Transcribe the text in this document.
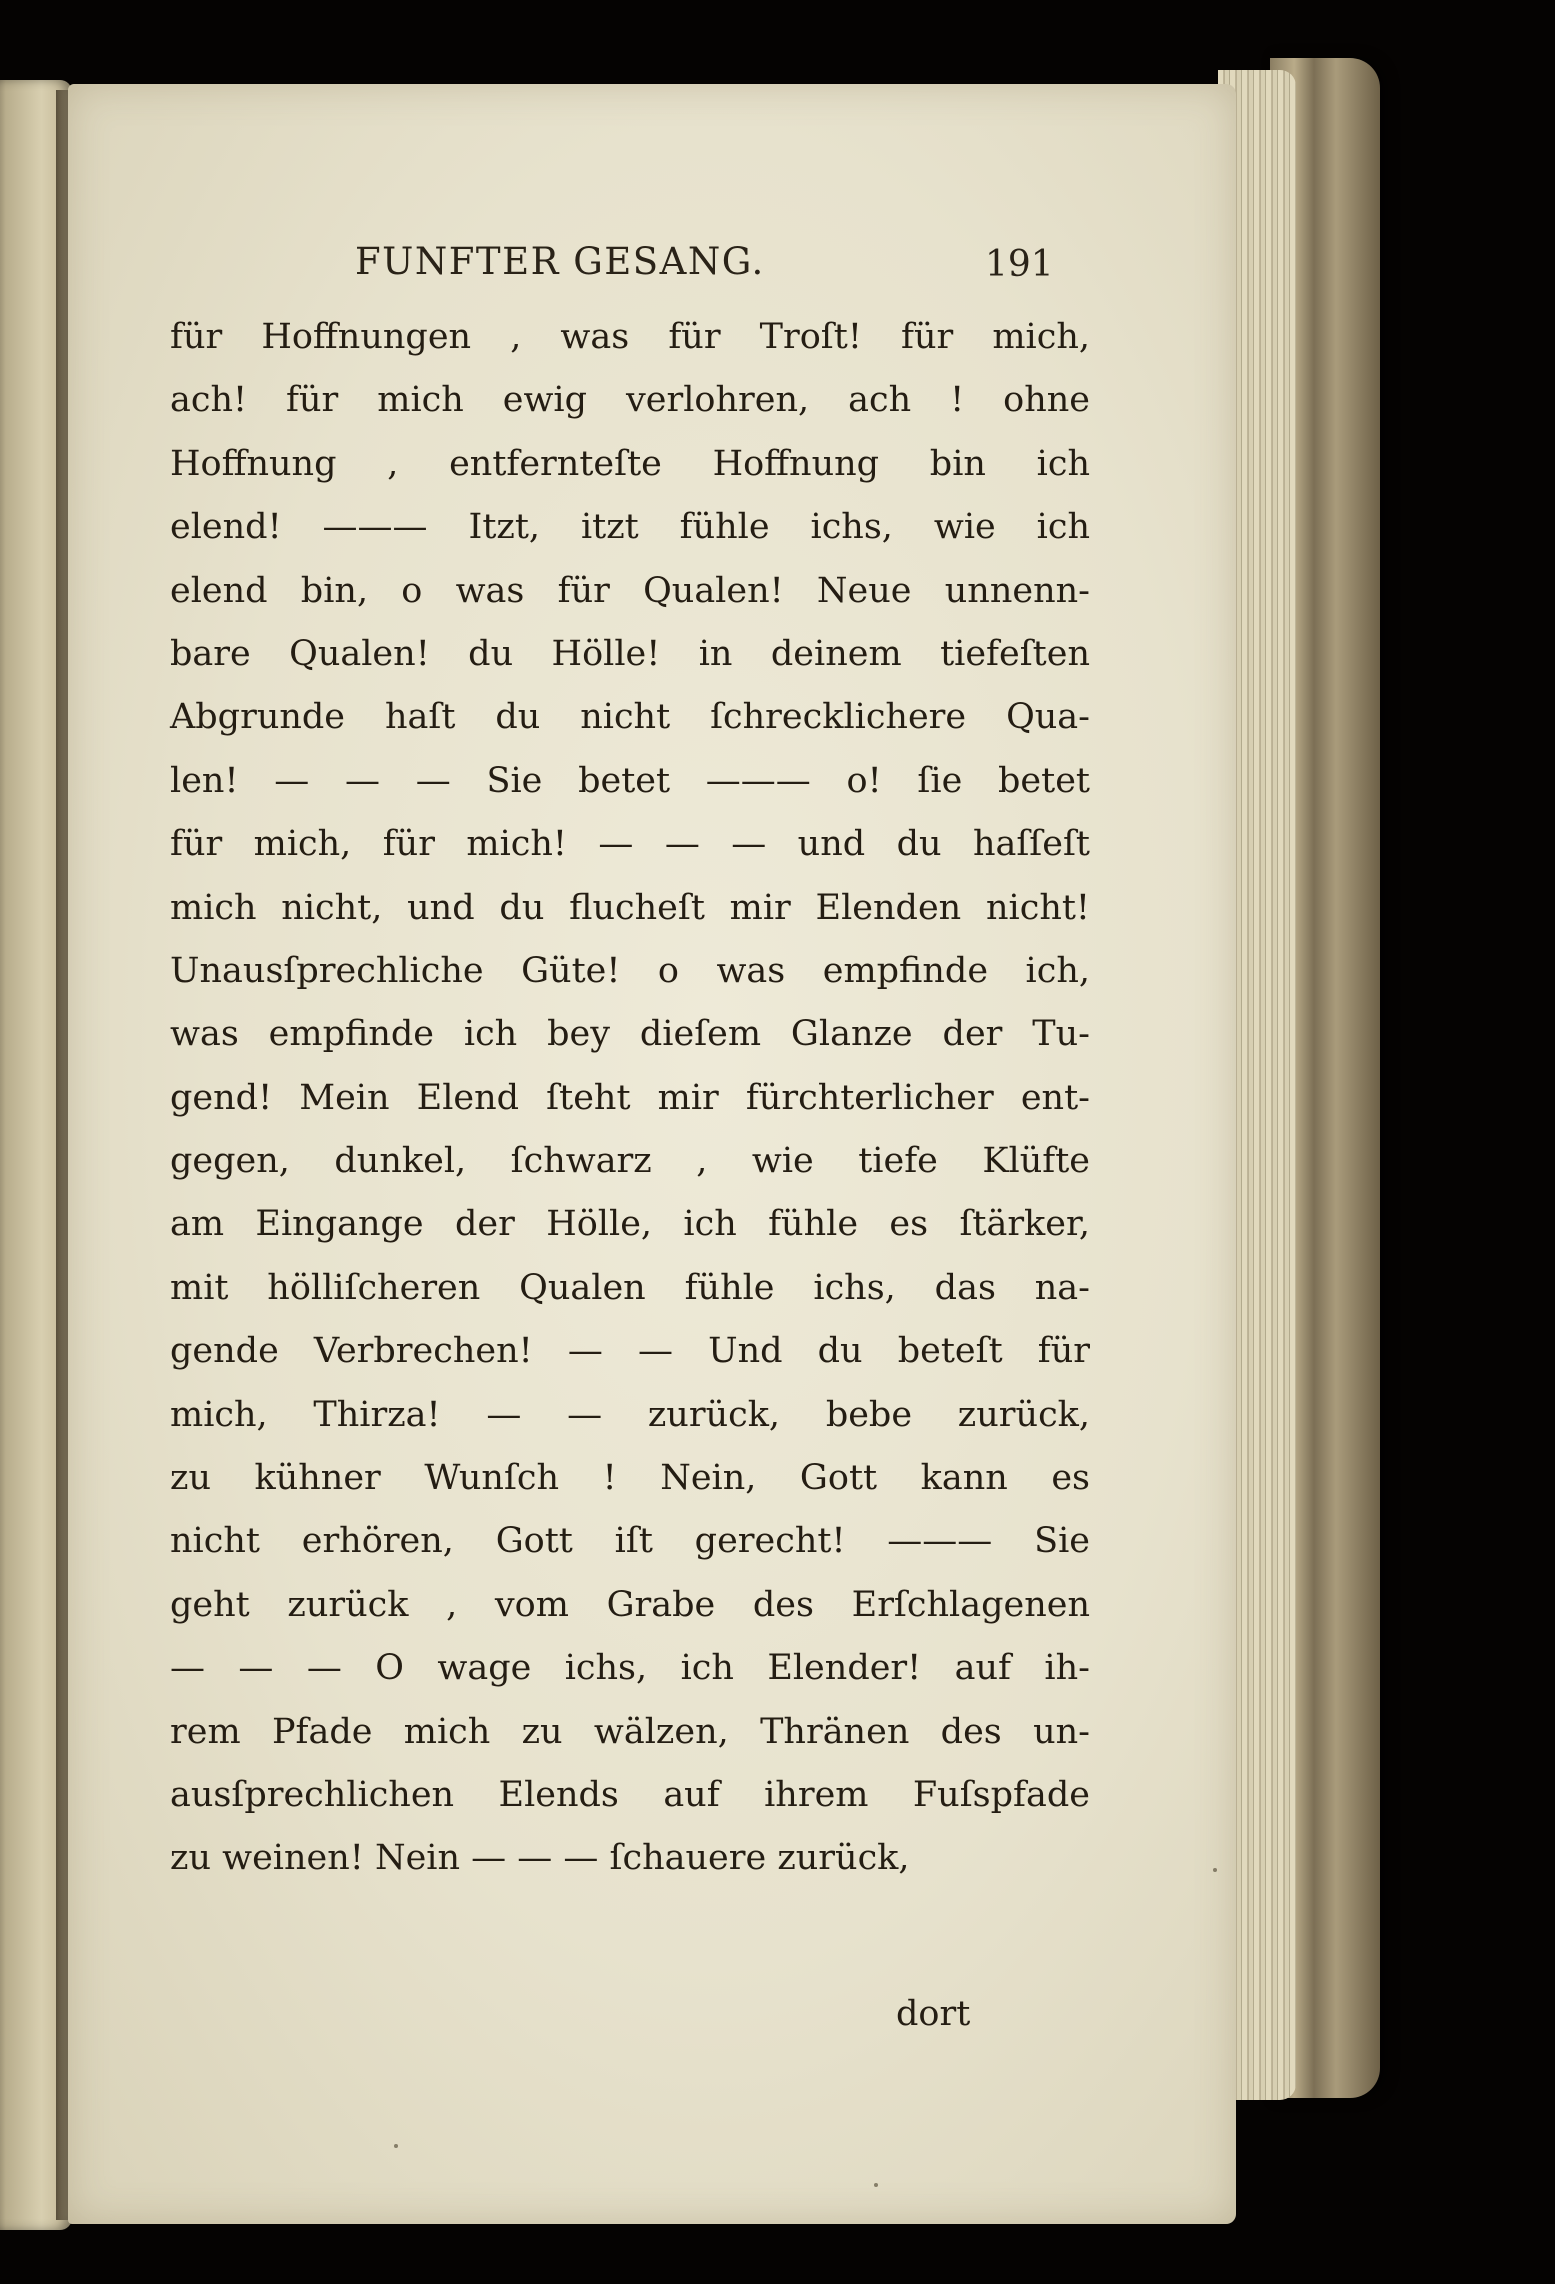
FUNFTER GESANG.	191
für Hoffnungen , was für Troſt! für mich,
ach! für mich ewig verlohren, ach ! ohne
Hoffnung , entfernteſte Hoffnung bin ich
elend! ——— Itzt, itzt fühle ichs, wie ich
elend bin, o was für Qualen! Neue unnenn-
bare Qualen! du Hölle! in deinem tiefeſten
Abgrunde haſt du nicht ſchrecklichere Qua-
len! — — — Sie betet ——— o! ſie betet
für mich, für mich! — — — und du haſſeſt
mich nicht, und du flucheſt mir Elenden nicht!
Unausſprechliche Güte! o was empfinde ich,
was empfinde ich bey dieſem Glanze der Tu-
gend! Mein Elend ſteht mir fürchterlicher ent-
gegen, dunkel, ſchwarz , wie tiefe Klüfte
am Eingange der Hölle, ich fühle es ſtärker,
mit hölliſcheren Qualen fühle ichs, das na-
gende Verbrechen! — — Und du beteſt für
mich, Thirza! — — zurück, bebe zurück,
zu kühner Wunſch ! Nein, Gott kann es
nicht erhören, Gott iſt gerecht! ——— Sie
geht zurück , vom Grabe des Erſchlagenen
— — — O wage ichs, ich Elender! auf ih-
rem Pfade mich zu wälzen, Thränen des un-
ausſprechlichen Elends auf ihrem Fuſspfade
zu weinen! Nein — — — ſchauere zurück,
dort
